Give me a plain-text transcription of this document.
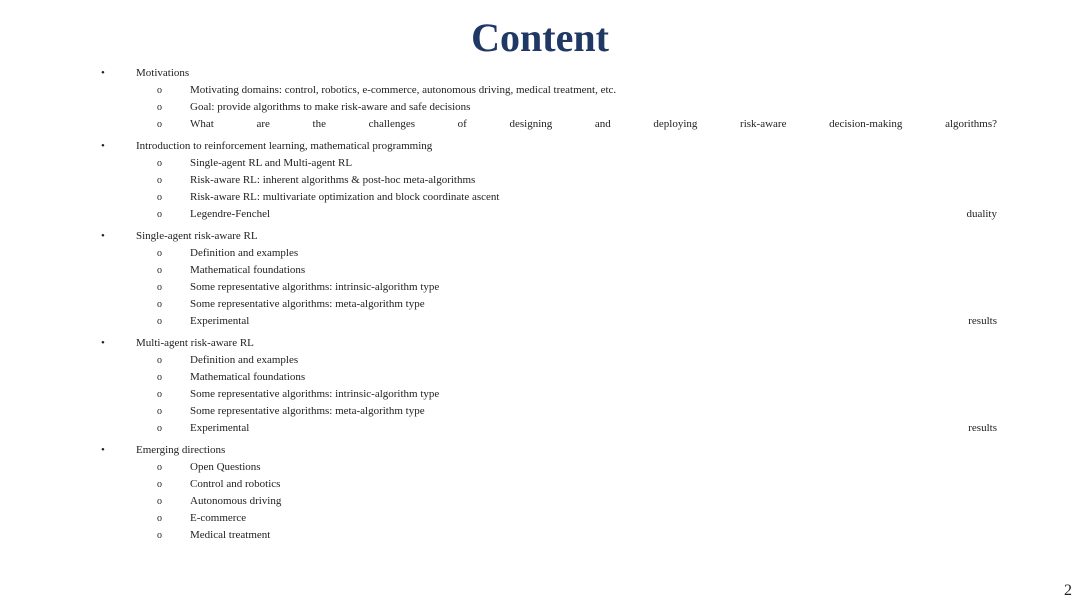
Content
•	Motivations
o	Motivating domains: control, robotics, e-commerce, autonomous driving, medical treatment, etc.
o	Goal: provide algorithms to make risk-aware and safe decisions
o	What are the challenges of designing and deploying risk-aware decision-making algorithms?
•	Introduction to reinforcement learning, mathematical programming
o	Single-agent RL and Multi-agent RL
o	Risk-aware RL: inherent algorithms & post-hoc meta-algorithms
o	Risk-aware RL: multivariate optimization and block coordinate ascent
o	Legendre-Fenchel	duality
•	Single-agent risk-aware RL
o	Definition and examples
o	Mathematical foundations
o	Some representative algorithms: intrinsic-algorithm type
o	Some representative algorithms: meta-algorithm type
o	Experimental	results
•	Multi-agent risk-aware RL
o	Definition and examples
o	Mathematical foundations
o	Some representative algorithms: intrinsic-algorithm type
o	Some representative algorithms: meta-algorithm type
o	Experimental	results
•	Emerging directions
o	Open Questions
o	Control and robotics
o	Autonomous driving
o	E-commerce
o	Medical treatment
2
